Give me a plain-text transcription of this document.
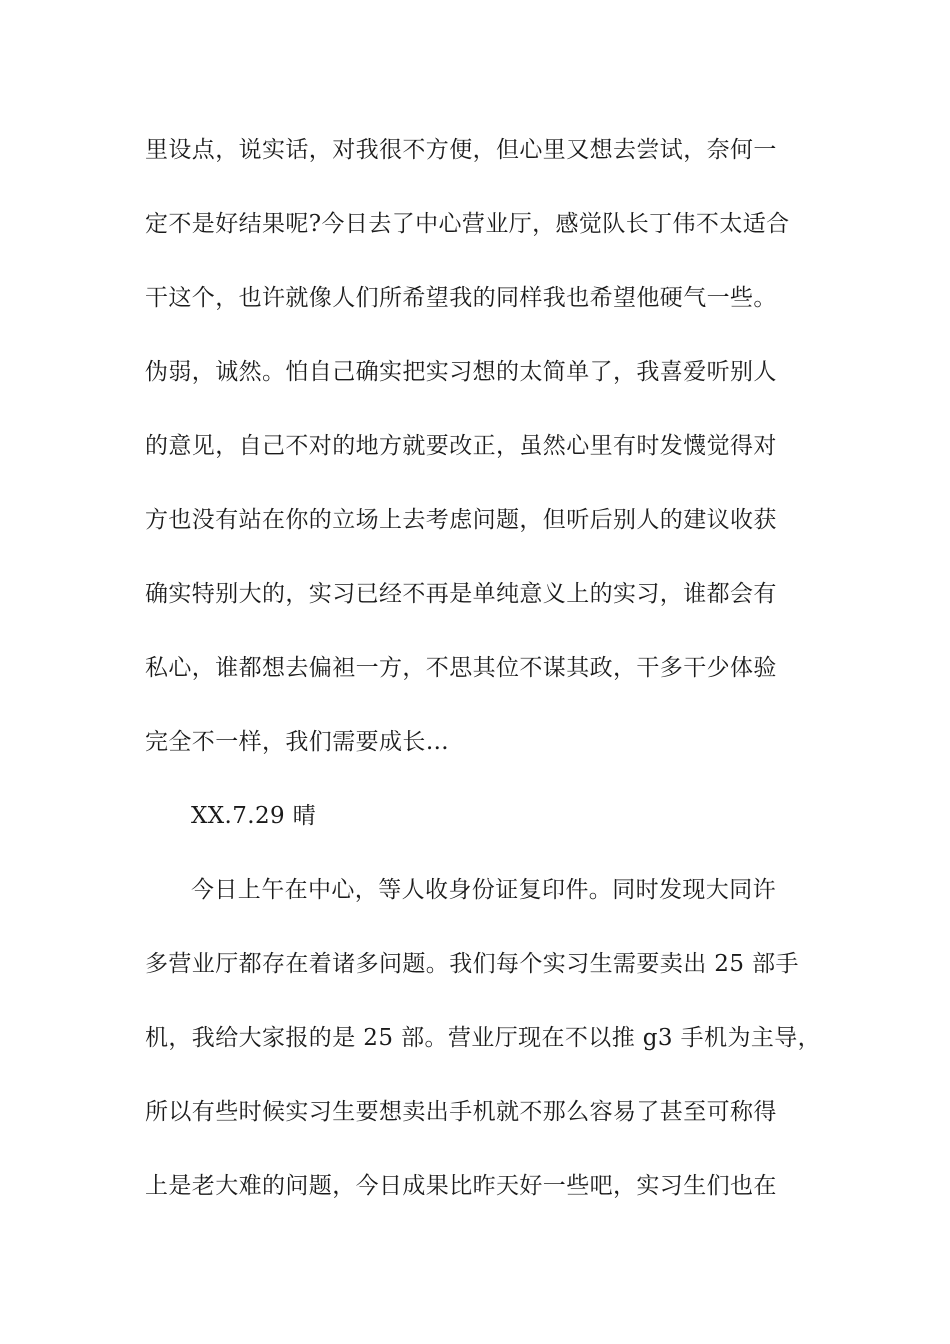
里设点，说实话，对我很不方便，但心里又想去尝试，奈何一
定不是好结果呢?今日去了中心营业厅，感觉队长丁伟不太适合
干这个，也许就像人们所希望我的同样我也希望他硬气一些。
伪弱，诚然。怕自己确实把实习想的太简单了，我喜爱听别人
的意见，自己不对的地方就要改正，虽然心里有时发懱觉得对
方也没有站在你的立场上去考虑问题，但听后别人的建议收获
确实特别大的，实习已经不再是单纯意义上的实习，谁都会有
私心，谁都想去偏袒一方，不思其位不谋其政，干多干少体验
完全不一样，我们需要成长…
XX.7.29 晴
今日上午在中心，等人收身份证复印件。同时发现大同许
多营业厅都存在着诸多问题。我们每个实习生需要卖出 25 部手
机，我给大家报的是 25 部。营业厅现在不以推 g3 手机为主导，
所以有些时候实习生要想卖出手机就不那么容易了甚至可称得
上是老大难的问题，今日成果比昨天好一些吧，实习生们也在
